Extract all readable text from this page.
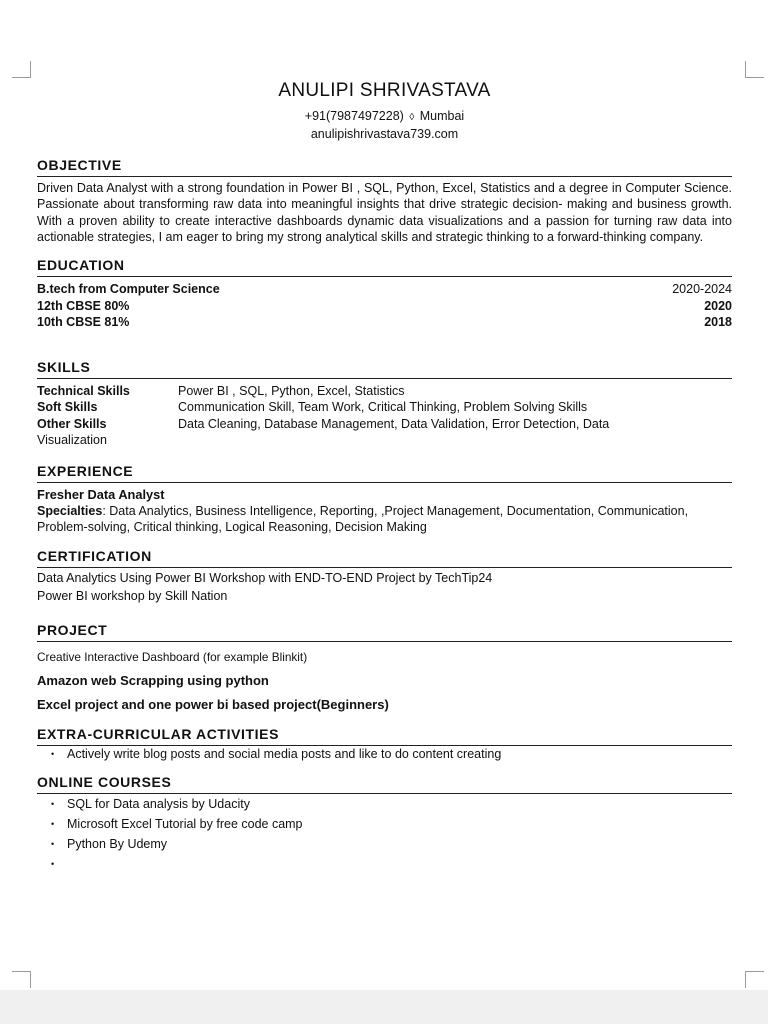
ANULIPI SHRIVASTAVA
+91(7987497228) ◊ Mumbai
anulipishrivastava739.com
OBJECTIVE
Driven Data Analyst with a strong foundation in Power BI , SQL, Python, Excel, Statistics and a degree in Computer Science. Passionate about transforming raw data into meaningful insights that drive strategic decision- making and business growth. With a proven ability to create interactive dashboards dynamic data visualizations and a passion for turning raw data into actionable strategies, I am eager to bring my strong analytical skills and strategic thinking to a forward-thinking company.
EDUCATION
B.tech from Computer Science	2020-2024
12th CBSE 80%	2020
10th CBSE 81%	2018
SKILLS
Technical Skills	Power BI , SQL, Python, Excel, Statistics
Soft Skills	Communication Skill, Team Work, Critical Thinking, Problem Solving Skills
Other Skills	Data Cleaning, Database Management, Data Validation, Error Detection, Data
Visualization
EXPERIENCE
Fresher Data Analyst
Specialties: Data Analytics, Business Intelligence, Reporting, ,Project Management, Documentation, Communication, Problem-solving, Critical thinking, Logical Reasoning, Decision Making
CERTIFICATION
Data Analytics Using Power BI Workshop with END-TO-END Project by TechTip24
Power BI workshop by Skill Nation
PROJECT
Creative Interactive Dashboard (for example Blinkit)
Amazon web Scrapping using python
Excel project and one power bi based project(Beginners)
EXTRA-CURRICULAR ACTIVITIES
• Actively write blog posts and social media posts and like to do content creating
ONLINE COURSES
• SQL for Data analysis by Udacity
• Microsoft Excel Tutorial by free code camp
• Python By Udemy
